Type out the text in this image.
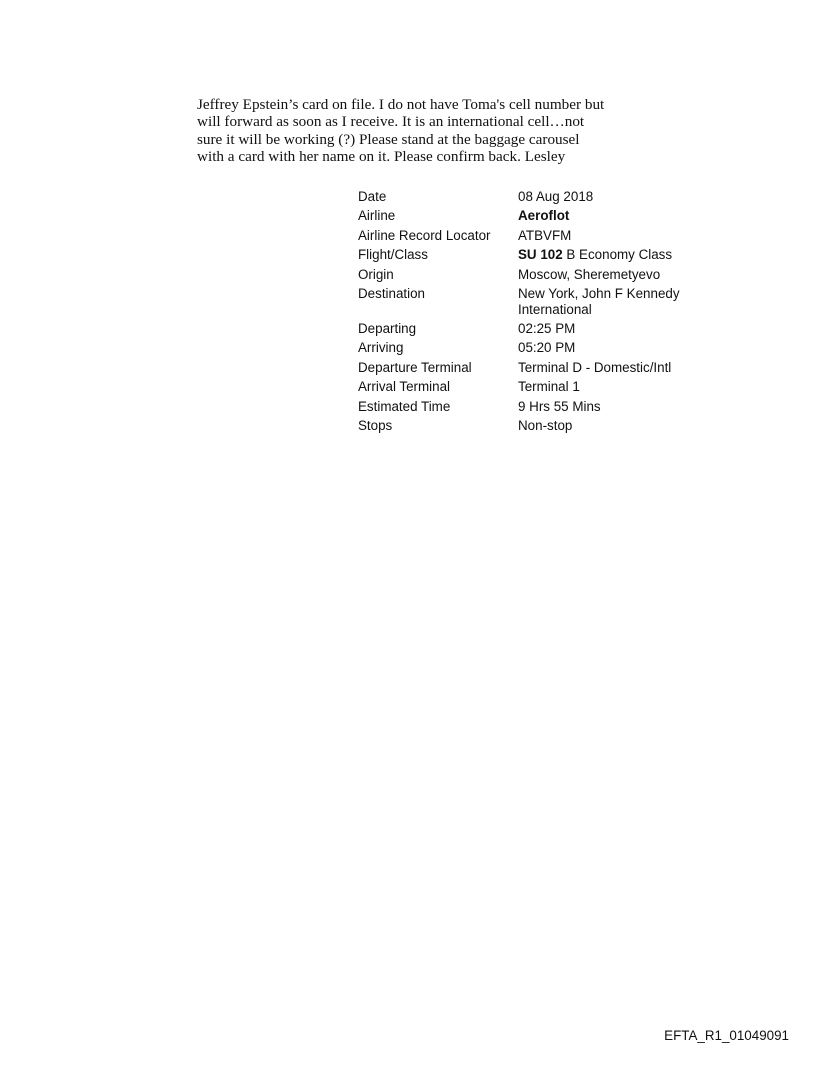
Jeffrey Epstein’s card on file. I do not have Toma's cell number but
will forward as soon as I receive. It is an international cell…not
sure it will be working (?) Please stand at the baggage carousel
with a card with her name on it. Please confirm back. Lesley
Date	08 Aug 2018
Airline	Aeroflot
Airline Record Locator	ATBVFM
Flight/Class	SU 102 B Economy Class
Origin	Moscow, Sheremetyevo
Destination	New York, John F Kennedy
International
Departing	02:25 PM
Arriving	05:20 PM
Departure Terminal	Terminal D - Domestic/Intl
Arrival Terminal	Terminal 1
Estimated Time	9 Hrs 55 Mins
Stops	Non-stop
EFTA_R1_01049091
